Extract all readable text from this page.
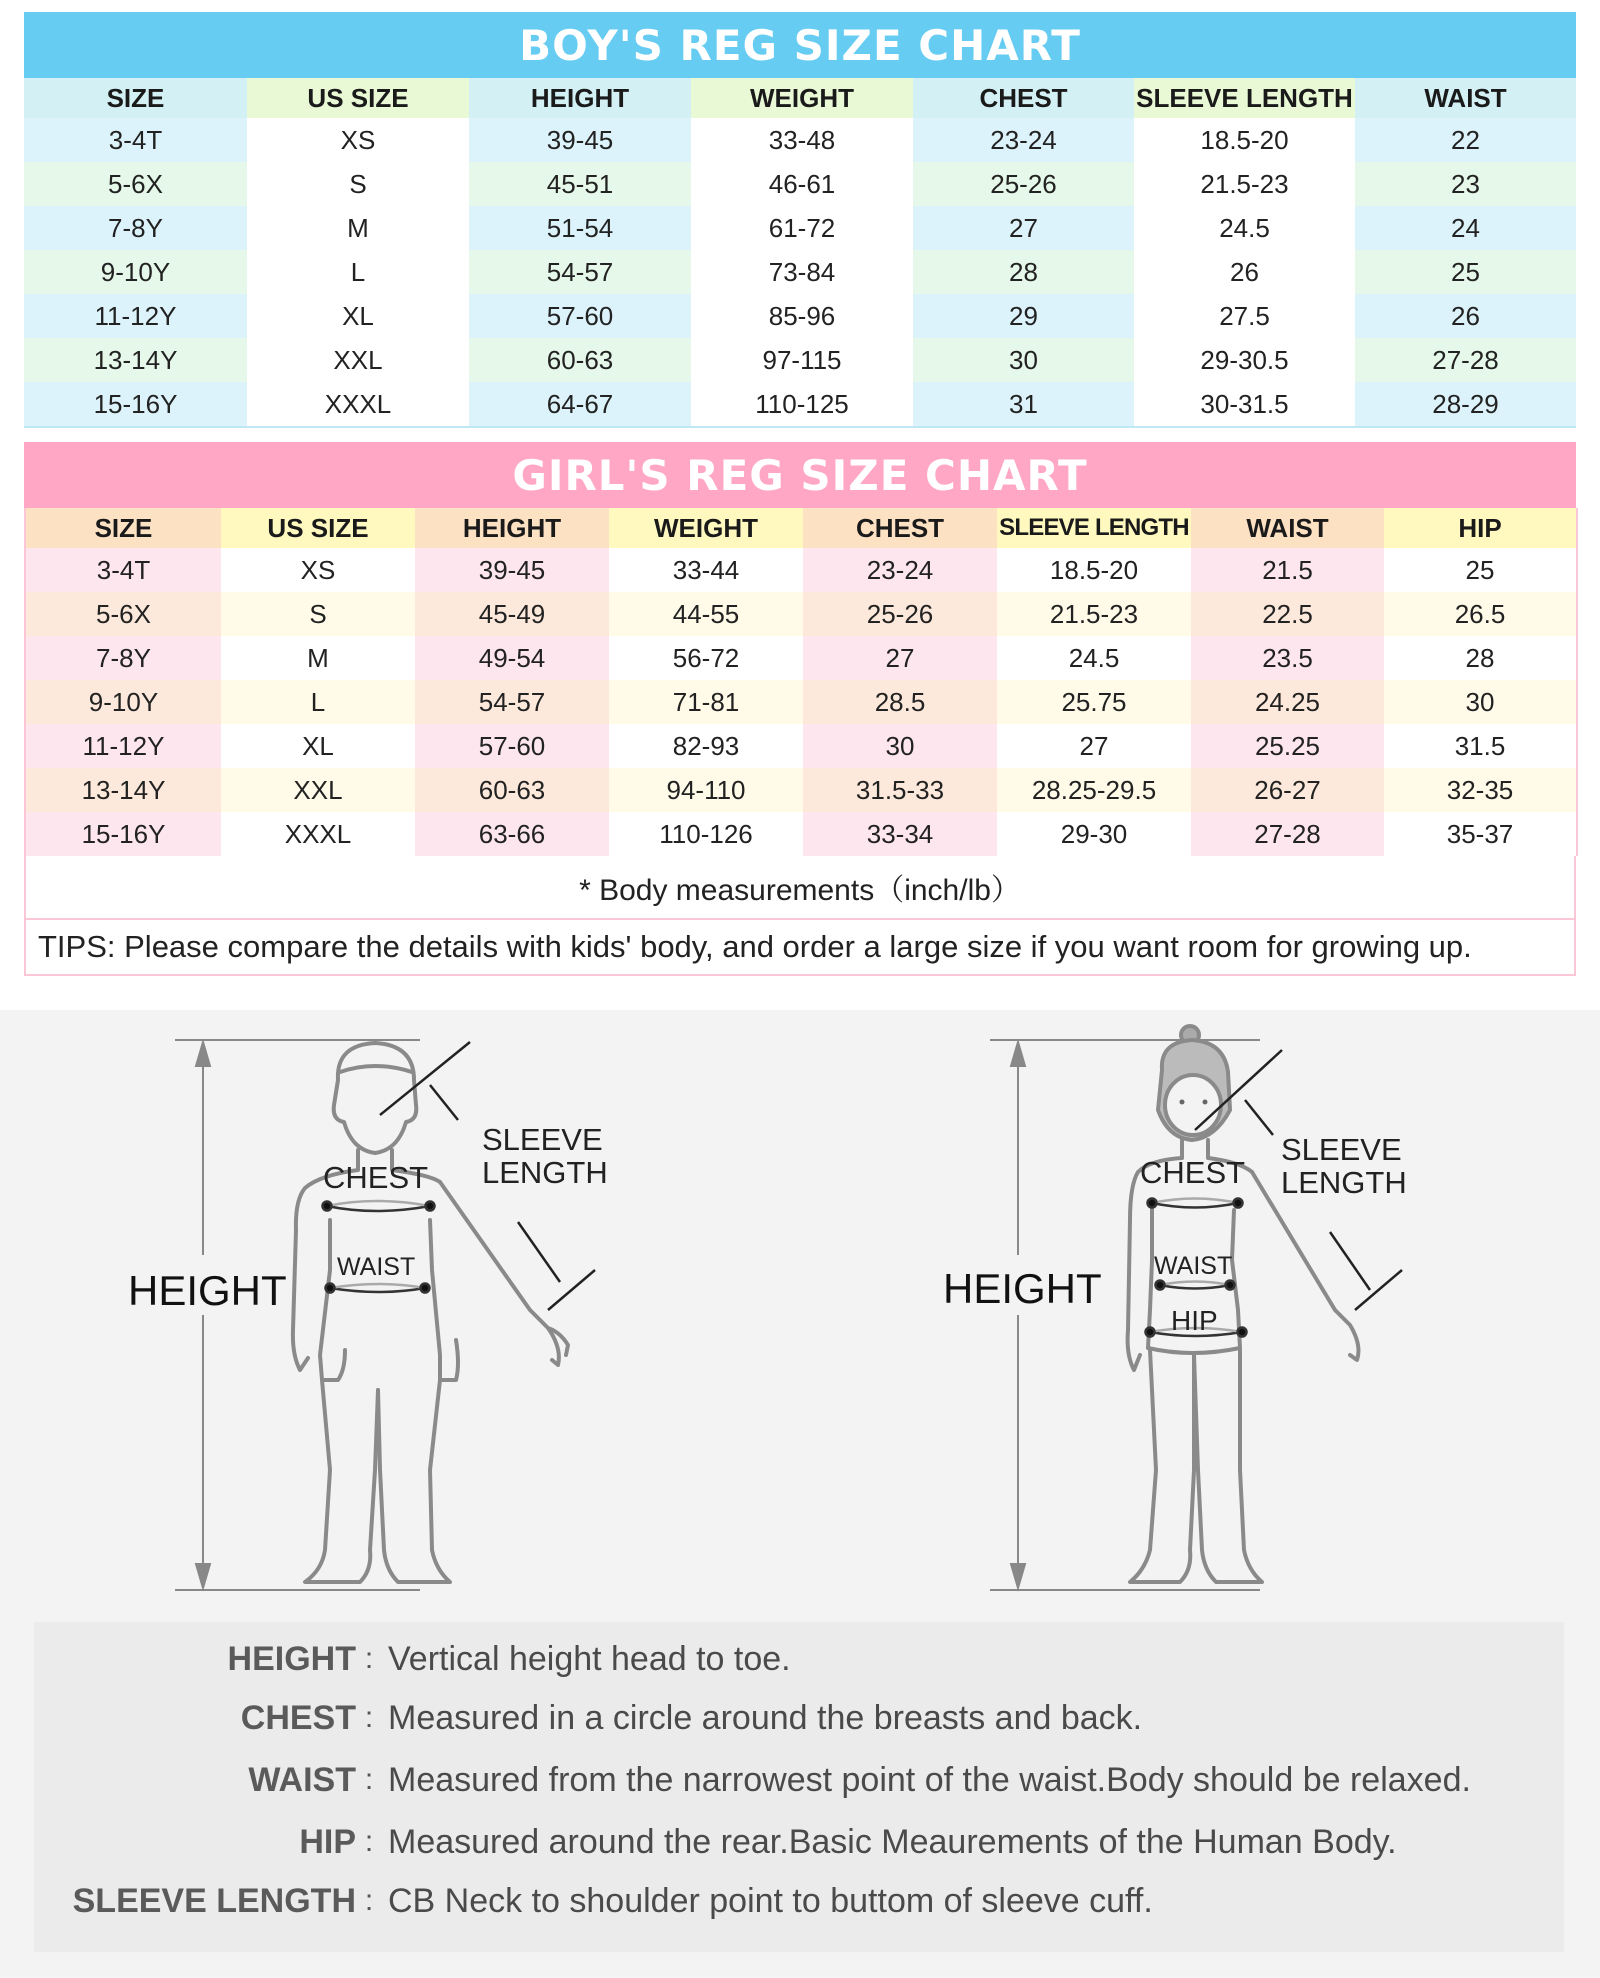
BOY'S REG SIZE CHART
SIZE	US SIZE	HEIGHT	WEIGHT	CHEST	SLEEVE LENGTH	WAIST
3-4T	XS	39-45	33-48	23-24	18.5-20	22
5-6X	S	45-51	46-61	25-26	21.5-23	23
7-8Y	M	51-54	61-72	27	24.5	24
9-10Y	L	54-57	73-84	28	26	25
11-12Y	XL	57-60	85-96	29	27.5	26
13-14Y	XXL	60-63	97-115	30	29-30.5	27-28
15-16Y	XXXL	64-67	110-125	31	30-31.5	28-29
GIRL'S REG SIZE CHART
SIZE	US SIZE	HEIGHT	WEIGHT	CHEST	SLEEVE LENGTH	WAIST	HIP
3-4T	XS	39-45	33-44	23-24	18.5-20	21.5	25
5-6X	S	45-49	44-55	25-26	21.5-23	22.5	26.5
7-8Y	M	49-54	56-72	27	24.5	23.5	28
9-10Y	L	54-57	71-81	28.5	25.75	24.25	30
11-12Y	XL	57-60	82-93	30	27	25.25	31.5
13-14Y	XXL	60-63	94-110	31.5-33	28.25-29.5	26-27	32-35
15-16Y	XXXL	63-66	110-126	33-34	29-30	27-28	35-37
* Body measurements（inch/lb）
TIPS: Please compare the details with kids' body, and order a large size if you want room for growing up.
HEIGHT
CHEST
WAIST
SLEEVE
LENGTH
HEIGHT
CHEST
WAIST
HIP
SLEEVE
LENGTH
HEIGHT : Vertical height head to toe.
CHEST : Measured in a circle around the breasts and back.
WAIST : Measured from the narrowest point of the waist.Body should be relaxed.
HIP : Measured around the rear.Basic Meaurements of the Human Body.
SLEEVE LENGTH : CB Neck to shoulder point to buttom of sleeve cuff.
